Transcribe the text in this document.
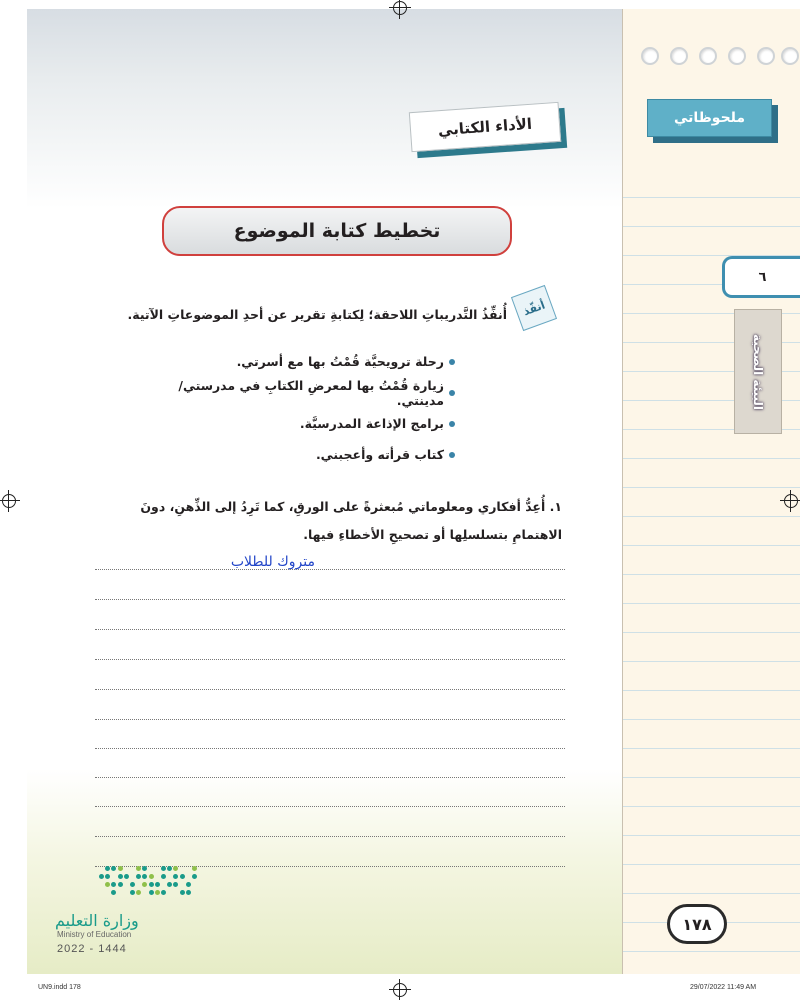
ملحوظاتي
٦
البيئة الصحية
الأداء الكتابي
تخطيط كتابة الموضوع
أنفّذ
أُنفِّذُ التَّدريباتِ اللاحقة؛ لِكتابةِ تقرير عن أحدِ الموضوعاتِ الآتية.
رحلة ترويحيَّة قُمْتُ بها مع أسرتي.
زيارة قُمْتُ بها لمعرضِ الكتابِ في مدرستي/ مدينتي.
برامج الإذاعة المدرسيَّة.
كتاب قرأته وأعجبني.
١. أُعِدُّ أفكاري ومعلوماتي مُبعثرةً على الورقِ، كما تَرِدُ إلى الذِّهنِ، دونَ الاهتمامِ بتسلسلِها أو تصحيحِ الأخطاءِ فيها.
متروك للطلاب
وزارة التعليم
Ministry of Education
2022 - 1444
١٧٨
UN9.indd 178	29/07/2022 11:49 AM
